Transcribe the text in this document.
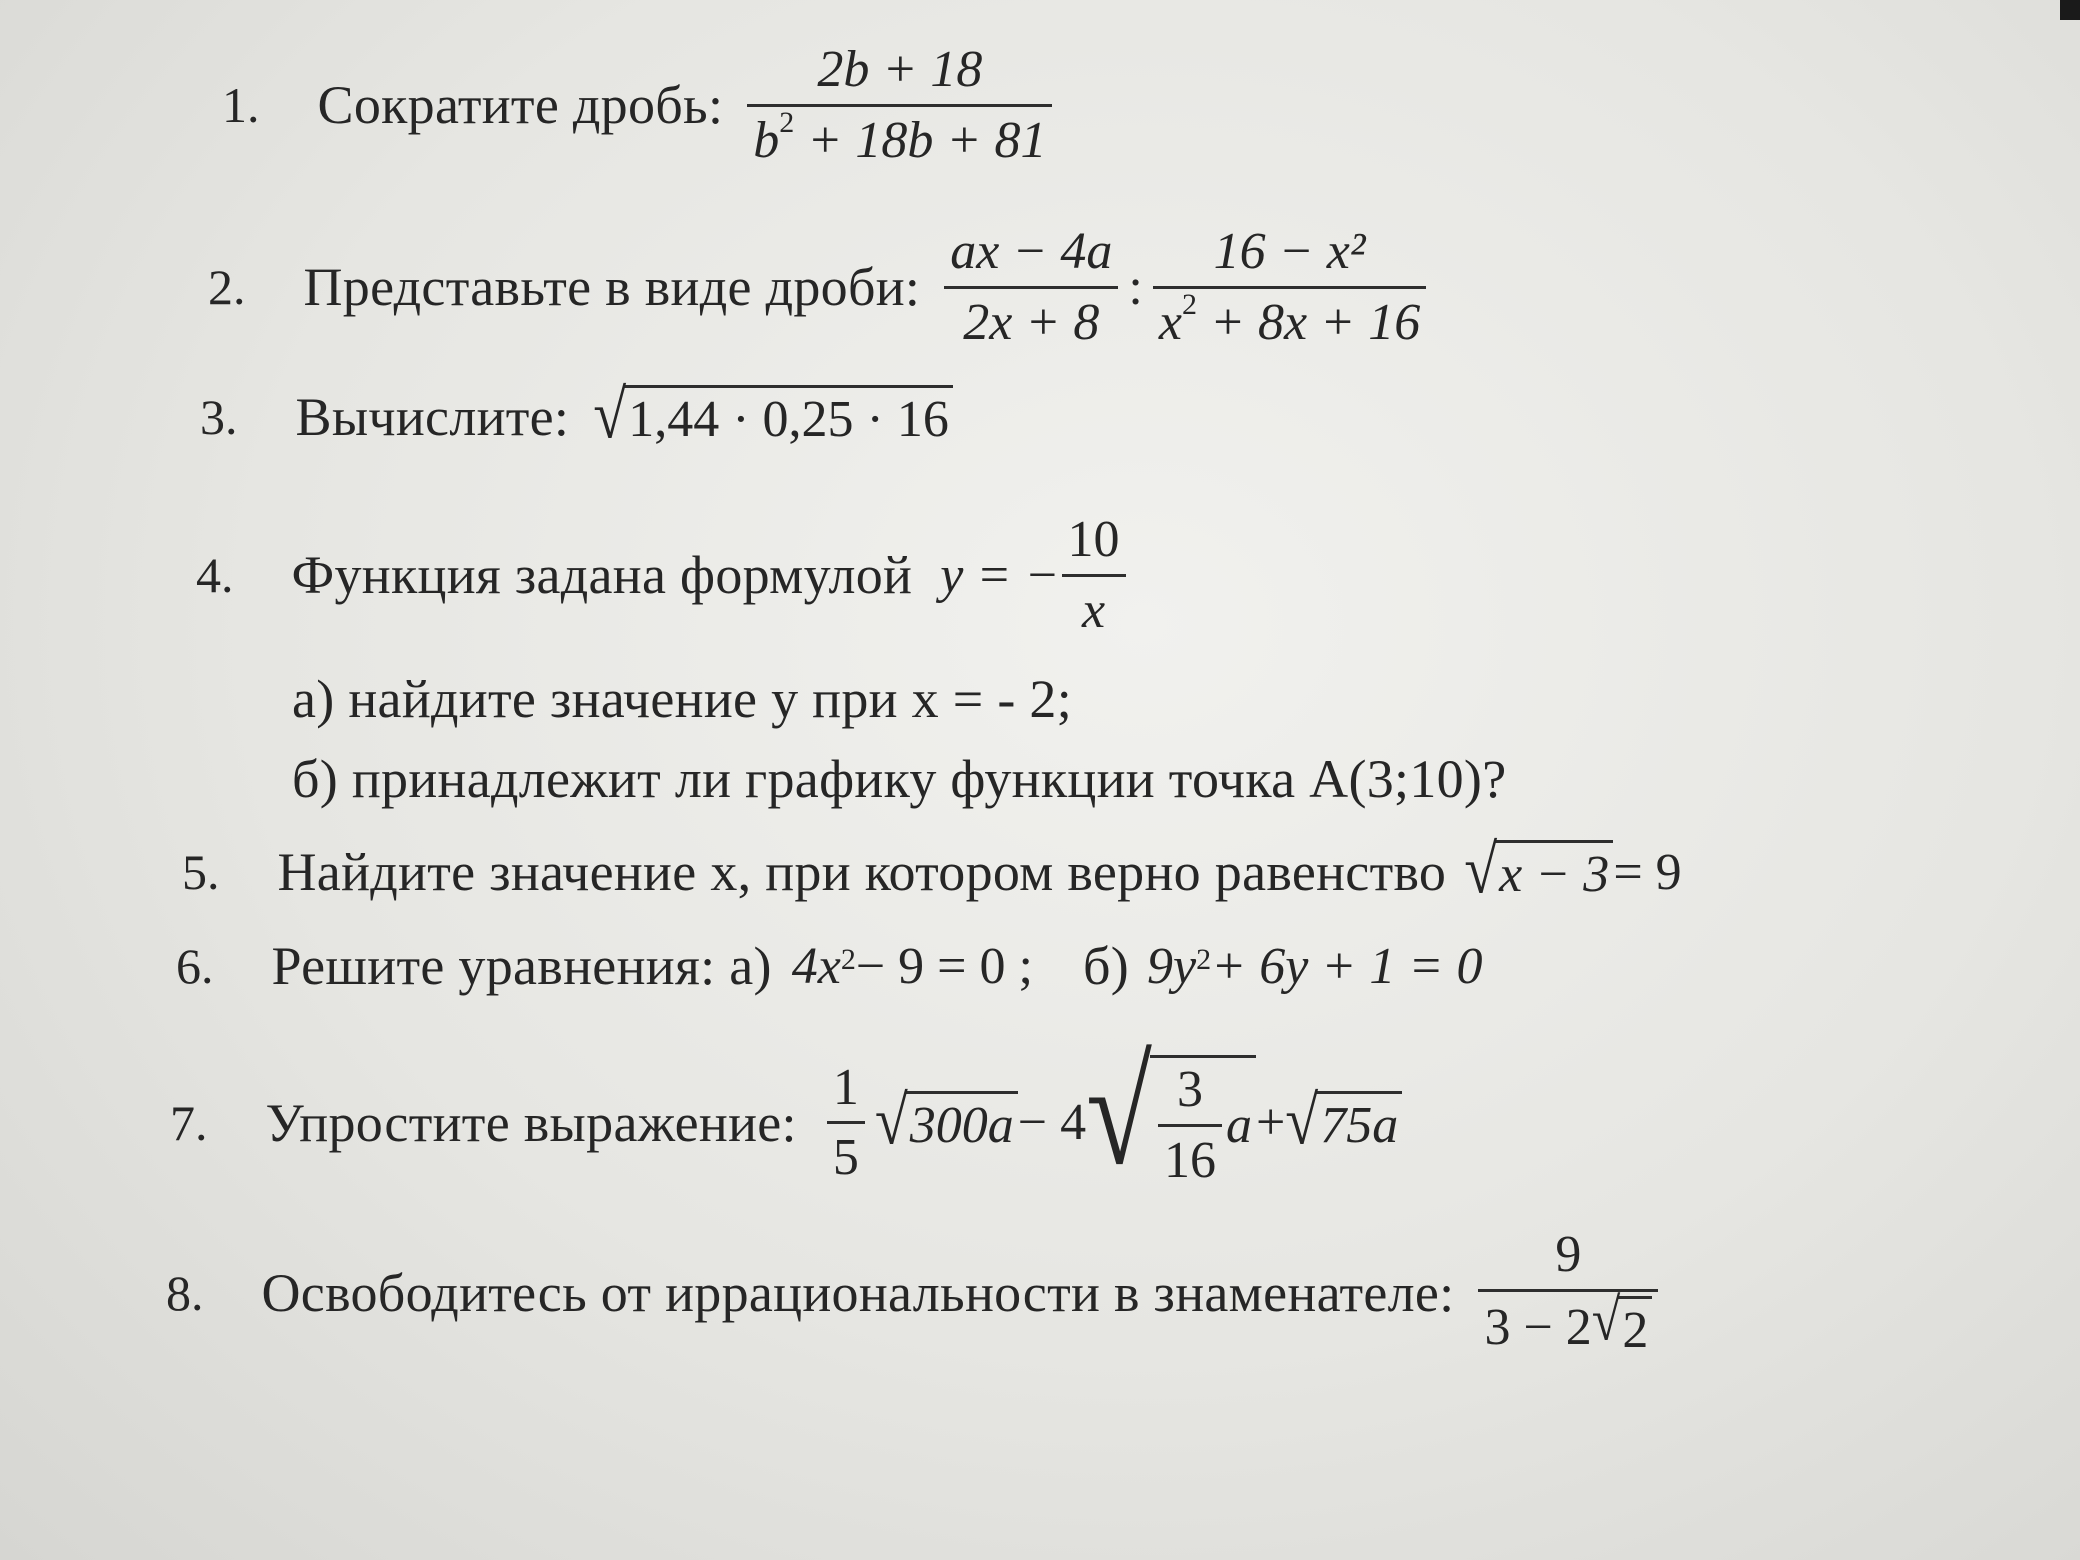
1. Сократите дробь: $\frac{2b + 18}{b^2 + 18b + 81}$
2. Представьте в виде дроби: $\frac{ax - 4a}{2x + 8}$ : $\frac{\text{16 − x²}}{x^2 + 8x + 16}$
3. Вычислите: √ 1,44 · 0,25 · 16
4. Функция задана формулой y = − $\frac{10}{x}$
а) найдите значение y при x = - 2;
б) принадлежит ли графику функции точка A(3;10)?
5. Найдите значение x, при котором верно равенство √ x − 3 = 9
6. Решите уравнения: а) $4x^2 - 9 = 0$ ; б) $9y^2 + 6y + 1 = 0$
7. Упростите выражение: $\frac{1}{5}$ √ 300a − 4 √ $\frac{3}{16}$ a + √ 75a
8. Освободитесь от иррациональности в знаменателе: $\frac{9}{3 - 2 √ 2}$
